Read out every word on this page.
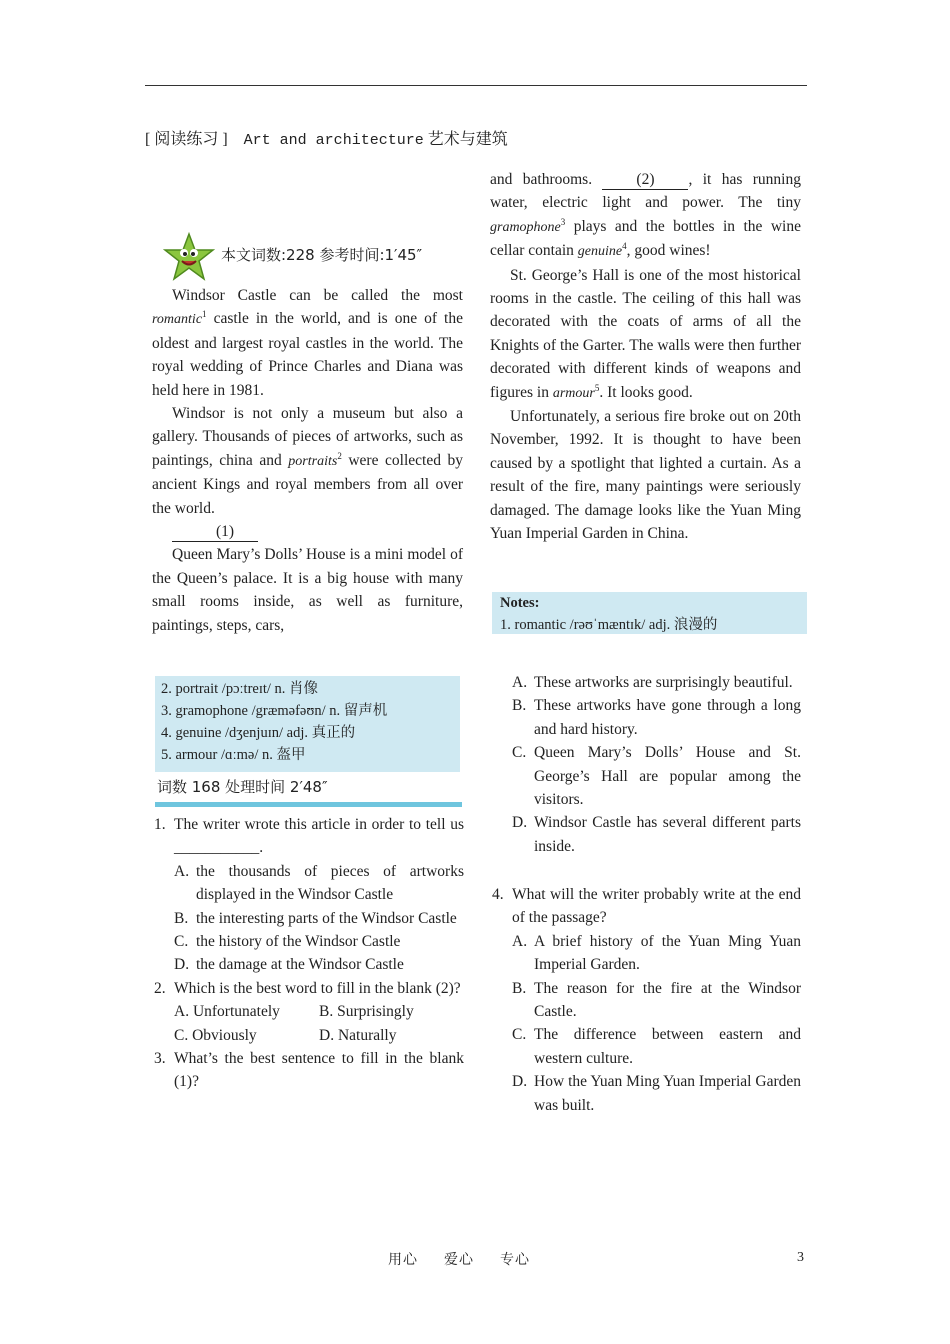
[ 阅读练习 ] Art and architecture 艺术与建筑
本文词数:228 参考时间:1′45″

Windsor Castle can be called the most romantic$^1$ castle in the world, and is one of the oldest and largest royal castles in the world. The royal wedding of Prince Charles and Diana was held here in 1981.

Windsor is not only a museum but also a gallery. Thousands of pieces of artworks, such as paintings, china and portraits$^2$ were collected by ancient Kings and royal members from all over the world.

(1)

Queen Mary’s Dolls’ House is a mini model of the Queen’s palace. It is a big house with many small rooms inside, as well as furniture, paintings, steps, cars,

and bathrooms. (2) , it has running water, electric light and power. The tiny gramophone$^3$ plays and the bottles in the wine cellar contain genuine$^4$, good wines!

St. George’s Hall is one of the most historical rooms in the castle. The ceiling of this hall was decorated with the coats of arms of all the Knights of the Garter. The walls were then further decorated with different kinds of weapons and figures in armour$^5$. It looks good.

Unfortunately, a serious fire broke out on 20th November, 1992. It is thought to have been caused by a spotlight that lighted a curtain. As a result of the fire, many paintings were seriously damaged. The damage looks like the Yuan Ming Yuan Imperial Garden in China.

Notes:
1. romantic /rəʊˈmæntɪk/ adj. 浪漫的
2. portrait /pɔːtreɪt/ n. 肖像
3. gramophone /græməfəʊn/ n. 留声机
4. genuine /dʒenjuɪn/ adj. 真正的
5. armour /ɑːmə/ n. 盔甲
词数 168 处理时间 2′48″
1. The writer wrote this article in order to tell us ___________.
A. the thousands of pieces of artworks displayed in the Windsor Castle
B. the interesting parts of the Windsor Castle
C. the history of the Windsor Castle
D. the damage at the Windsor Castle
2. Which is the best word to fill in the blank (2)?
A. Unfortunately	B. Surprisingly
C. Obviously	D. Naturally
3. What’s the best sentence to fill in the blank (1)?
A. These artworks are surprisingly beautiful.
B. These artworks have gone through a long and hard history.
C. Queen Mary’s Dolls’ House and St. George’s Hall are popular among the visitors.
D. Windsor Castle has several different parts inside.
4. What will the writer probably write at the end of the passage?
A. A brief history of the Yuan Ming Yuan Imperial Garden.
B. The reason for the fire at the Windsor Castle.
C. The difference between eastern and western culture.
D. How the Yuan Ming Yuan Imperial Garden was built.
用心 爱心 专心	3
